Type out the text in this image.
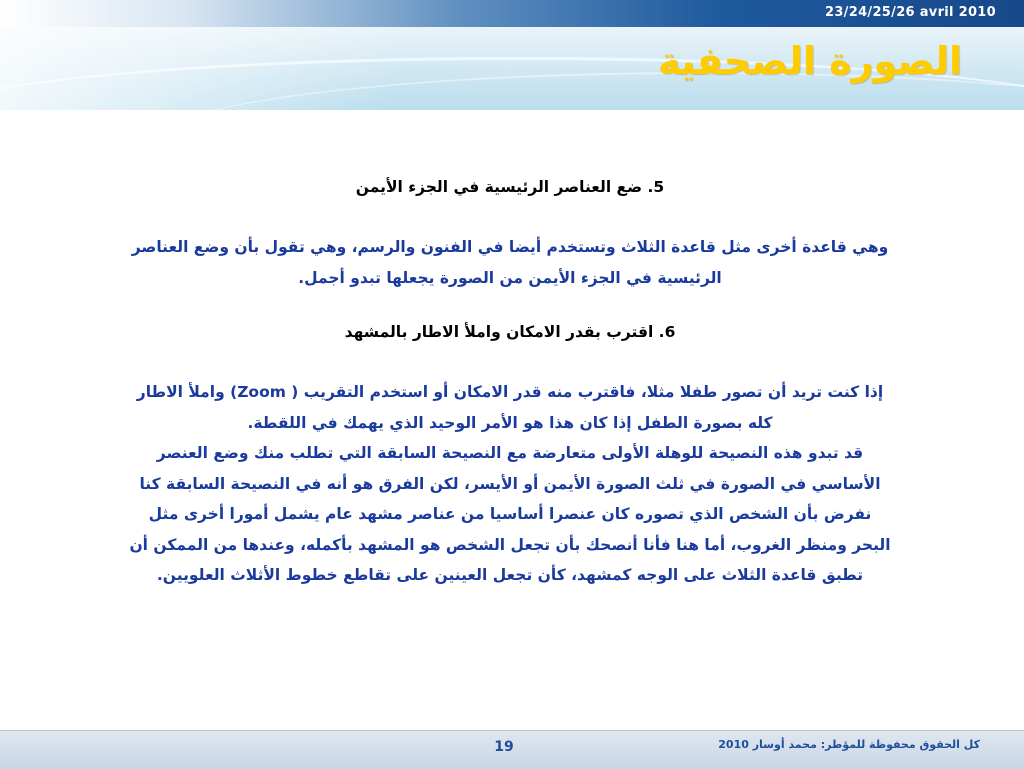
23/24/25/26 avril 2010
الصورة الصحفية

5. ضع العناصر الرئيسية في الجزء الأيمن

وهي قاعدة أخرى مثل قاعدة الثلاث وتستخدم أيضا في الفنون والرسم، وهي تقول بأن وضع العناصر

الرئيسية في الجزء الأيمن من الصورة يجعلها تبدو أجمل.

6. اقترب بقدر الامكان واملأ الاطار بالمشهد

إذا كنت تريد أن تصور طفلا مثلا، فاقترب منه قدر الامكان أو استخدم التقريب ( Zoom) واملأ الاطار

كله بصورة الطفل إذا كان هذا هو الأمر الوحيد الذي يهمك في اللقطة.

قد تبدو هذه النصيحة للوهلة الأولى متعارضة مع النصيحة السابقة التي تطلب منك وضع العنصر

الأساسي في الصورة في ثلث الصورة الأيمن أو الأيسر، لكن الفرق هو أنه في النصيحة السابقة كنا

نفرض بأن الشخص الذي تصوره كان عنصرا أساسيا من عناصر مشهد عام يشمل أمورا أخرى مثل

البحر ومنظر الغروب، أما هنا فأنا أنصحك بأن تجعل الشخص هو المشهد بأكمله، وعندها من الممكن أن

تطبق قاعدة الثلاث على الوجه كمشهد، كأن تجعل العينين على تقاطع خطوط الأثلاث العلويين.

19	كل الحقوق محفوظة للمؤطر: محمد أوسار 2010
